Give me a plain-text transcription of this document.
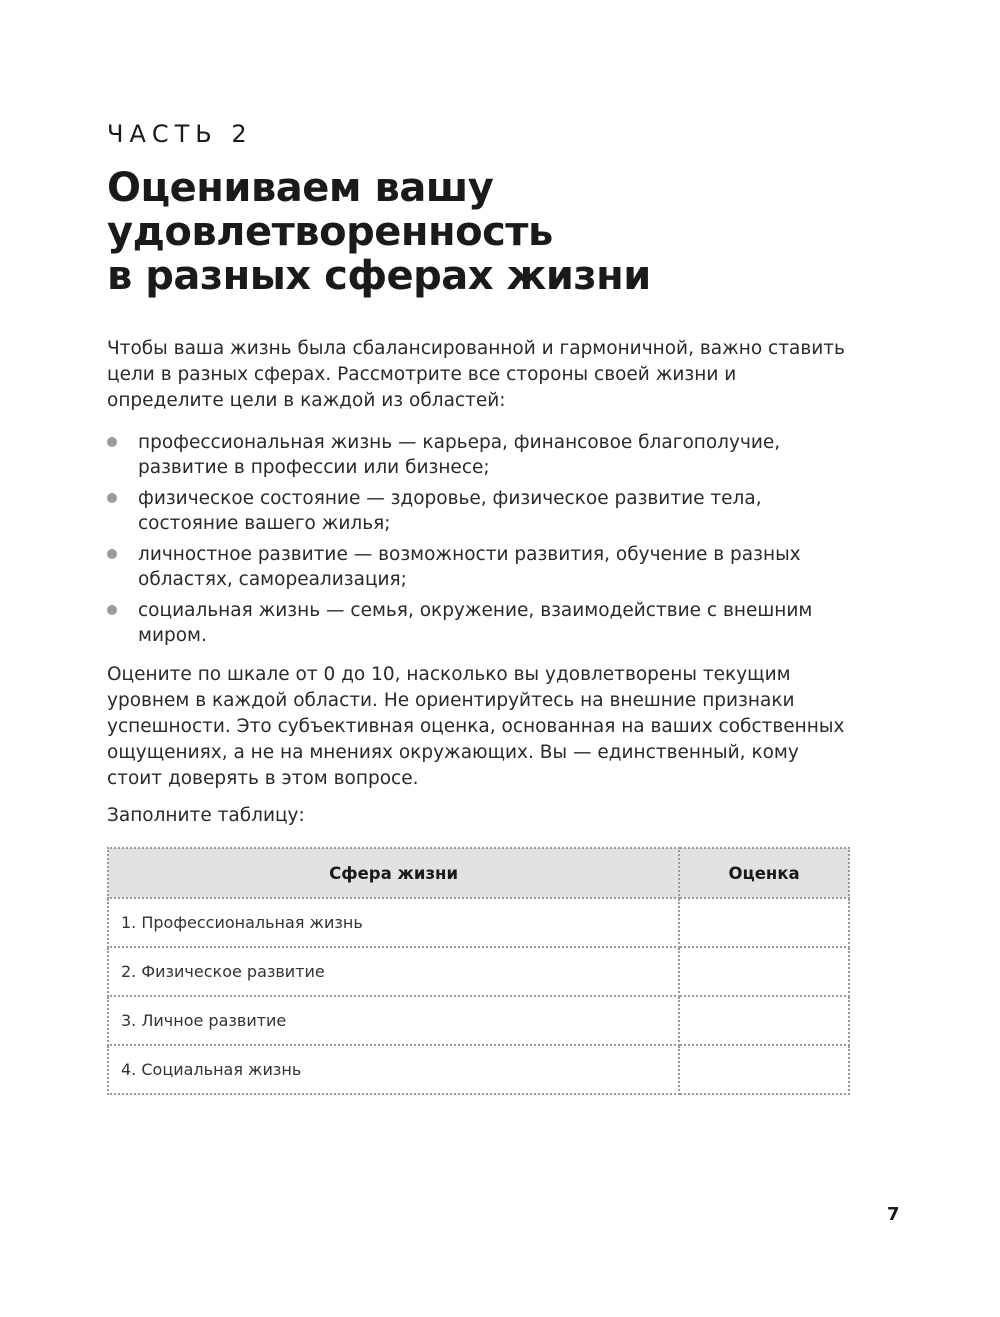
ЧАСТЬ 2
Оцениваем вашу
удовлетворенность
в разных сферах жизни

Чтобы ваша жизнь была сбалансированной и гармоничной, важно ставить цели в разных сферах. Рассмотрите все стороны своей жизни и определите цели в каждой из областей:

профессиональная жизнь — карьера, финансовое благополучие, развитие в профессии или бизнесе;
физическое состояние — здоровье, физическое развитие тела, состояние вашего жилья;
личностное развитие — возможности развития, обучение в разных областях, самореализация;
социальная жизнь — семья, окружение, взаимодействие с внешним миром.

Оцените по шкале от 0 до 10, насколько вы удовлетворены текущим уровнем в каждой области. Не ориентируйтесь на внешние признаки успешности. Это субъективная оценка, основанная на ваших собственных ощущениях, а не на мнениях окружающих. Вы — единственный, кому стоит доверять в этом вопросе.

Заполните таблицу:

Сфера жизни	Оценка
1. Профессиональная жизнь	
2. Физическое развитие	
3. Личное развитие	
4. Социальная жизнь	
7
